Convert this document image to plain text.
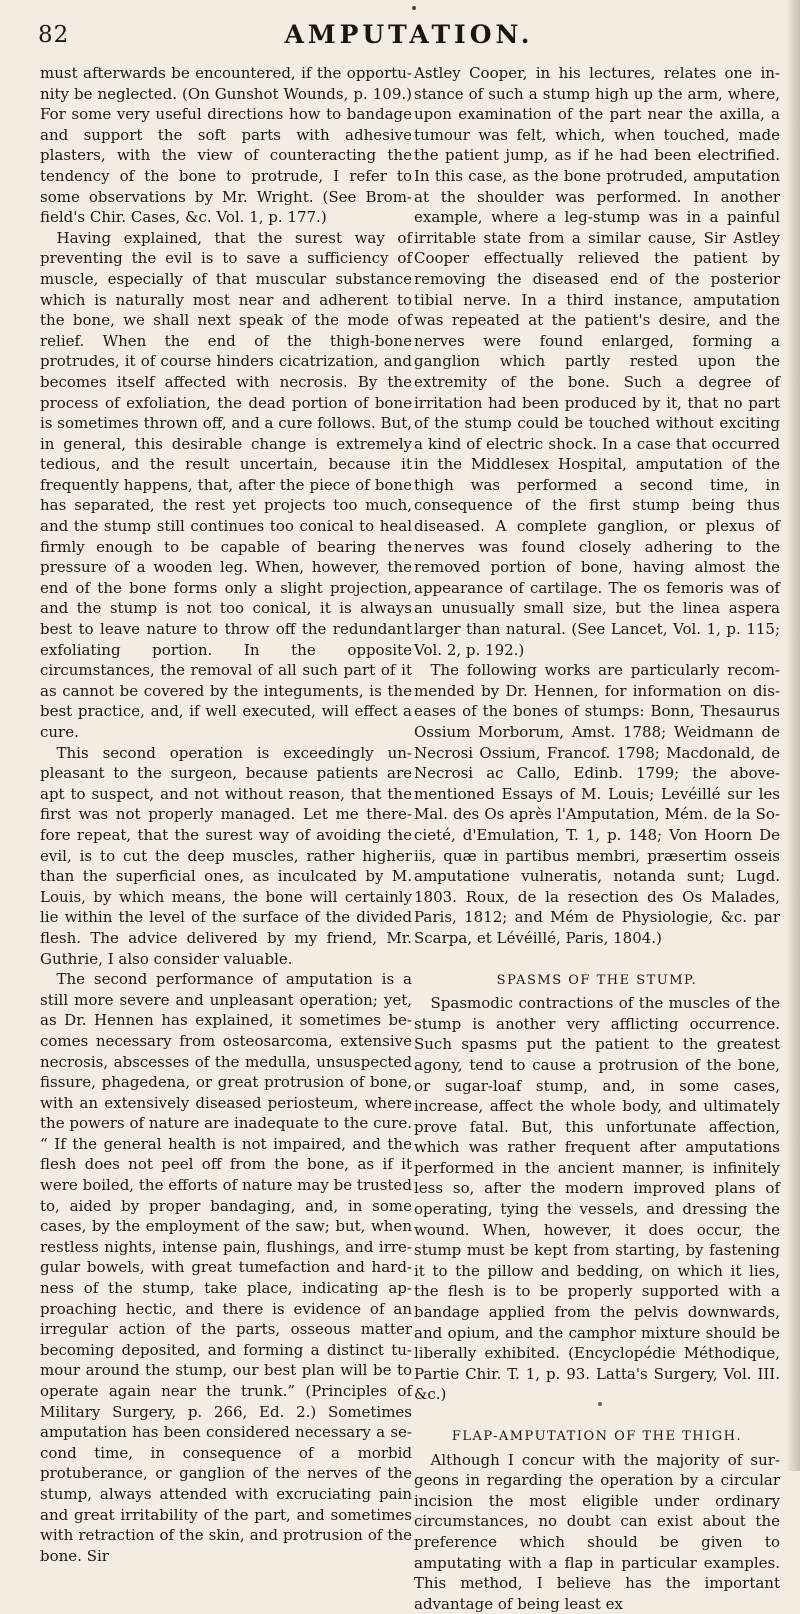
82	AMPUTATION.

must afterwards be encountered, if the opportunity be neglected. (On Gunshot Wounds, p. 109.) For some very useful directions how to bandage and support the soft parts with adhesive plasters, with the view of counteracting the tendency of the bone to protrude, I refer to some observations by Mr. Wright. (See Bromfield's Chir. Cases, &c. Vol. 1, p. 177.)

Having explained, that the surest way of preventing the evil is to save a sufficiency of muscle, especially of that muscular substance which is naturally most near and adherent to the bone, we shall next speak of the mode of relief. When the end of the thigh-bone protrudes, it of course hinders cicatrization, and becomes itself affected with necrosis. By the process of exfoliation, the dead portion of bone is sometimes thrown off, and a cure follows. But, in general, this desirable change is extremely tedious, and the result uncertain, because it frequently happens, that, after the piece of bone has separated, the rest yet projects too much, and the stump still continues too conical to heal firmly enough to be capable of bearing the pressure of a wooden leg. When, however, the end of the bone forms only a slight projection, and the stump is not too conical, it is always best to leave nature to throw off the redundant exfoliating portion. In the opposite circumstances, the removal of all such part of it as cannot be covered by the integuments, is the best practice, and, if well executed, will effect a cure.

This second operation is exceedingly unpleasant to the surgeon, because patients are apt to suspect, and not without reason, that the first was not properly managed. Let me therefore repeat, that the surest way of avoiding the evil, is to cut the deep muscles, rather higher than the superficial ones, as inculcated by M. Louis, by which means, the bone will certainly lie within the level of the surface of the divided flesh. The advice delivered by my friend, Mr. Guthrie, I also consider valuable.

The second performance of amputation is a still more severe and unpleasant operation; yet, as Dr. Hennen has explained, it sometimes becomes necessary from osteosarcoma, extensive necrosis, abscesses of the medulla, unsuspected fissure, phagedena, or great protrusion of bone, with an extensively diseased periosteum, where the powers of nature are inadequate to the cure. “ If the general health is not impaired, and the flesh does not peel off from the bone, as if it were boiled, the efforts of nature may be trusted to, aided by proper bandaging, and, in some cases, by the employment of the saw; but, when restless nights, intense pain, flushings, and irregular bowels, with great tumefaction and hardness of the stump, take place, indicating approaching hectic, and there is evidence of an irregular action of the parts, osseous matter becoming deposited, and forming a distinct tumour around the stump, our best plan will be to operate again near the trunk.” (Principles of Military Surgery, p. 266, Ed. 2.) Sometimes amputation has been considered necessary a second time, in consequence of a morbid protuberance, or ganglion of the nerves of the stump, always attended with excruciating pain and great irritability of the part, and sometimes with retraction of the skin, and protrusion of the bone. Sir

Astley Cooper, in his lectures, relates one instance of such a stump high up the arm, where, upon examination of the part near the axilla, a tumour was felt, which, when touched, made the patient jump, as if he had been electrified. In this case, as the bone protruded, amputation at the shoulder was performed. In another example, where a leg-stump was in a painful irritable state from a similar cause, Sir Astley Cooper effectually relieved the patient by removing the diseased end of the posterior tibial nerve. In a third instance, amputation was repeated at the patient's desire, and the nerves were found enlarged, forming a ganglion which partly rested upon the extremity of the bone. Such a degree of irritation had been produced by it, that no part of the stump could be touched without exciting a kind of electric shock. In a case that occurred in the Middlesex Hospital, amputation of the thigh was performed a second time, in consequence of the first stump being thus diseased. A complete ganglion, or plexus of nerves was found closely adhering to the removed portion of bone, having almost the appearance of cartilage. The os femoris was of an unusually small size, but the linea aspera larger than natural. (See Lancet, Vol. 1, p. 115; Vol. 2, p. 192.)

The following works are particularly recommended by Dr. Hennen, for information on diseases of the bones of stumps: Bonn, Thesaurus Ossium Morborum, Amst. 1788; Weidmann de Necrosi Ossium, Francof. 1798; Macdonald, de Necrosi ac Callo, Edinb. 1799; the above-mentioned Essays of M. Louis; Levéillé sur les Mal. des Os après l'Amputation, Mém. de la Societé, d'Emulation, T. 1, p. 148; Von Hoorn De iis, quæ in partibus membri, præsertim osseis amputatione vulneratis, notanda sunt; Lugd. 1803. Roux, de la resection des Os Malades, Paris, 1812; and Mém de Physiologie, &c. par Scarpa, et Lévéillé, Paris, 1804.)

SPASMS OF THE STUMP.

Spasmodic contractions of the muscles of the stump is another very afflicting occurrence. Such spasms put the patient to the greatest agony, tend to cause a protrusion of the bone, or sugar-loaf stump, and, in some cases, increase, affect the whole body, and ultimately prove fatal. But, this unfortunate affection, which was rather frequent after amputations performed in the ancient manner, is infinitely less so, after the modern improved plans of operating, tying the vessels, and dressing the wound. When, however, it does occur, the stump must be kept from starting, by fastening it to the pillow and bedding, on which it lies, the flesh is to be properly supported with a bandage applied from the pelvis downwards, and opium, and the camphor mixture should be liberally exhibited. (Encyclopédie Méthodique, Partie Chir. T. 1, p. 93. Latta's Surgery, Vol. III. &c.)

FLAP-AMPUTATION OF THE THIGH.

Although I concur with the majority of surgeons in regarding the operation by a circular incision the most eligible under ordinary circumstances, no doubt can exist about the preference which should be given to amputating with a flap in particular examples. This method, I believe has the important advantage of being least ex
